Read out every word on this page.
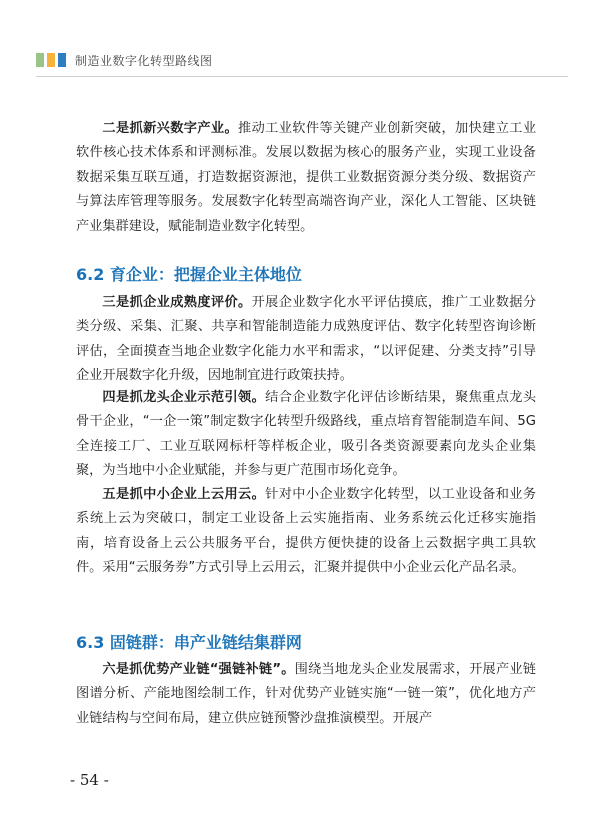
制造业数字化转型路线图

二是抓新兴数字产业。推动工业软件等关键产业创新突破，加快建立工业软件核心技术体系和评测标准。发展以数据为核心的服务产业，实现工业设备数据采集互联互通，打造数据资源池，提供工业数据资源分类分级、数据资产与算法库管理等服务。发展数字化转型高端咨询产业，深化人工智能、区块链产业集群建设，赋能制造业数字化转型。

6.2 育企业：把握企业主体地位

三是抓企业成熟度评价。开展企业数字化水平评估摸底，推广工业数据分类分级、采集、汇聚、共享和智能制造能力成熟度评估、数字化转型咨询诊断评估，全面摸查当地企业数字化能力水平和需求，“以评促建、分类支持”引导企业开展数字化升级，因地制宜进行政策扶持。

四是抓龙头企业示范引领。结合企业数字化评估诊断结果，聚焦重点龙头骨干企业，“一企一策”制定数字化转型升级路线，重点培育智能制造车间、5G全连接工厂、工业互联网标杆等样板企业，吸引各类资源要素向龙头企业集聚，为当地中小企业赋能，并参与更广范围市场化竞争。

五是抓中小企业上云用云。针对中小企业数字化转型，以工业设备和业务系统上云为突破口，制定工业设备上云实施指南、业务系统云化迁移实施指南，培育设备上云公共服务平台，提供方便快捷的设备上云数据字典工具软件。采用“云服务券”方式引导上云用云，汇聚并提供中小企业云化产品名录。

6.3 固链群：串产业链结集群网

六是抓优势产业链“强链补链”。围绕当地龙头企业发展需求，开展产业链图谱分析、产能地图绘制工作，针对优势产业链实施“一链一策”，优化地方产业链结构与空间布局，建立供应链预警沙盘推演模型。开展产

- 54 -
